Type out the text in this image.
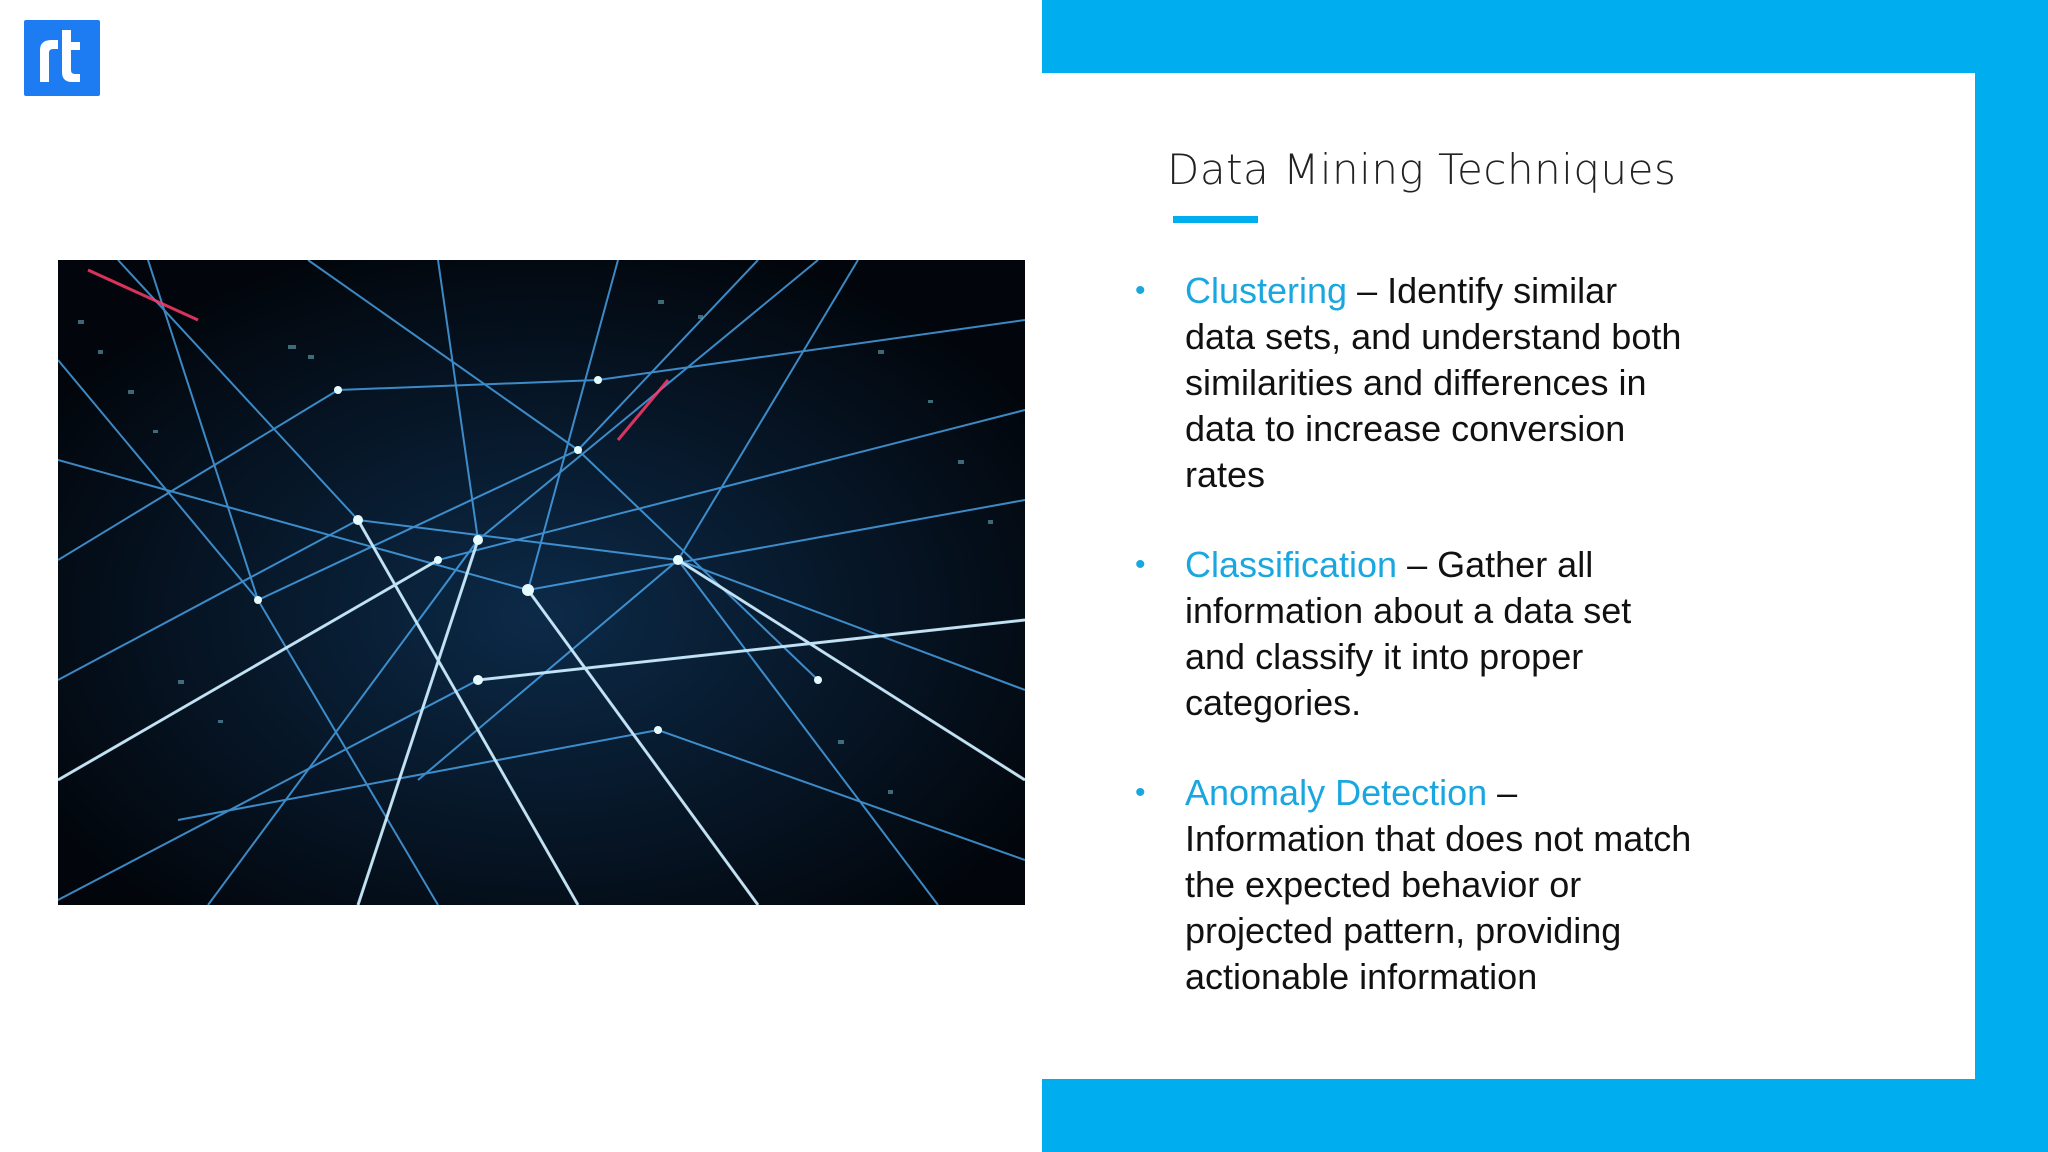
Data Mining Techniques
• Clustering – Identify similar data sets, and understand both similarities and differences in data to increase conversion rates
• Classification – Gather all information about a data set and classify it into proper categories.
• Anomaly Detection – Information that does not match the expected behavior or projected pattern, providing actionable information
